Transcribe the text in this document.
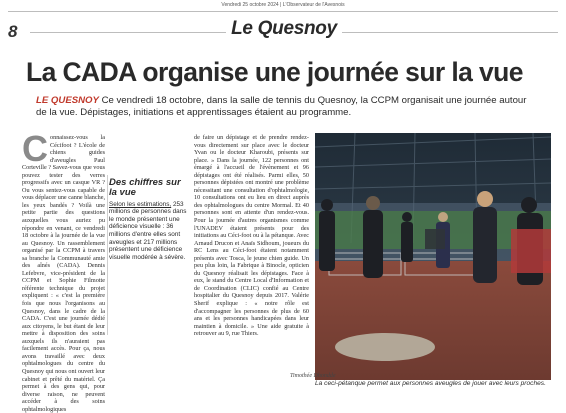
Vendredi 25 octobre 2024 | L'Observateur de l'Avesnois
8	Le Quesnoy
La CADA organise une journée sur la vue
LE QUESNOY Ce vendredi 18 octobre, dans la salle de tennis du Quesnoy, la CCPM organisait une journée autour de la vue. Dépistages, initiations et apprentissages étaient au programme.
Connaissez-vous la Cécifoot ? L'école de chiens guides d'aveugles Paul Corteville ? Savez-vous que vous pouvez tester des verres progressifs avec un casque VR ? Ou vous sentez-vous capable de vous déplacer une canne blanche, les yeux bandés ? Voilà une petite partie des questions auxquelles vous auriez pu répondre en venant, ce vendredi 18 octobre à la journée de la vue au Quesnoy. Un rassemblement organisé par la CCPM à travers sa branche la Communauté amie des aînés (CADA). Dennis Lefebvre, vice-président de la CCPM et Sophie Filmotte référente technique du projet expliquent : « c'est la première fois que nous l'organisons au Quesnoy, dans le cadre de la CADA. C'est une journée dédié aux citoyens, le but étant de leur mettre à disposition des soins auxquels ils n'auraient pas facilement accès. Pour ça, nous avons travaillé avec deux ophtalmologues du centre du Quesnoy qui nous ont ouvert leur cabinet et prêté du matériel. Ça permet à des gens qui, pour diverse raison, ne peuvent accéder à des soins ophtalmologiques
Des chiffres sur la vue
Selon les estimations, 253 millions de personnes dans le monde présentent une déficience visuelle : 36 millions d'entre elles sont aveugles et 217 millions présentent une déficience visuelle modérée à sévère.
de faire un dépistage et de prendre rendez-vous directement sur place avec le docteur Yvan ou le docteur Kharoubi, présents sur place. » Dans la journée, 122 personnes ont émargé à l'accueil de l'évènement et 96 dépistages ont été réalisés. Parmi elles, 50 personnes dépistées ont montré une problème nécessitant une consultation d'ophtalmologie, 10 consultations ont eu lieu en direct auprès des ophtalmologues du centre Mormal. Et 40 personnes sont en attente d'un rendez-vous. Pour la journée d'autres organismes comme l'UNADEV étaient présents pour des initiations au Céci-foot ou à la pétanque. Avec Arnaud Drucon et Anaïs Sidhoum, joueurs du RC Lens au Céci-foot étaient notamment présents avec Tosca, le jeune chien guide. Un peu plus loin, la Fabrique à Binocle, opticien du Quesnoy réalisait les dépistages. Face à eux, le stand du Centre Local d'Information et de Coordination (CLIC) confié au Centre hospitalier du Quesnoy depuis 2017. Valérie Sherif explique : « notre rôle est d'accompagner les personnes de plus de 60 ans et les personnes handicapées dans leur maintien à domicile. » Une aide gratuite à retrouver au 9, rue Thiers.
Timothée Dhondde
La ceci-pétanque permet aux personnes aveugles de jouer avec leurs proches.
